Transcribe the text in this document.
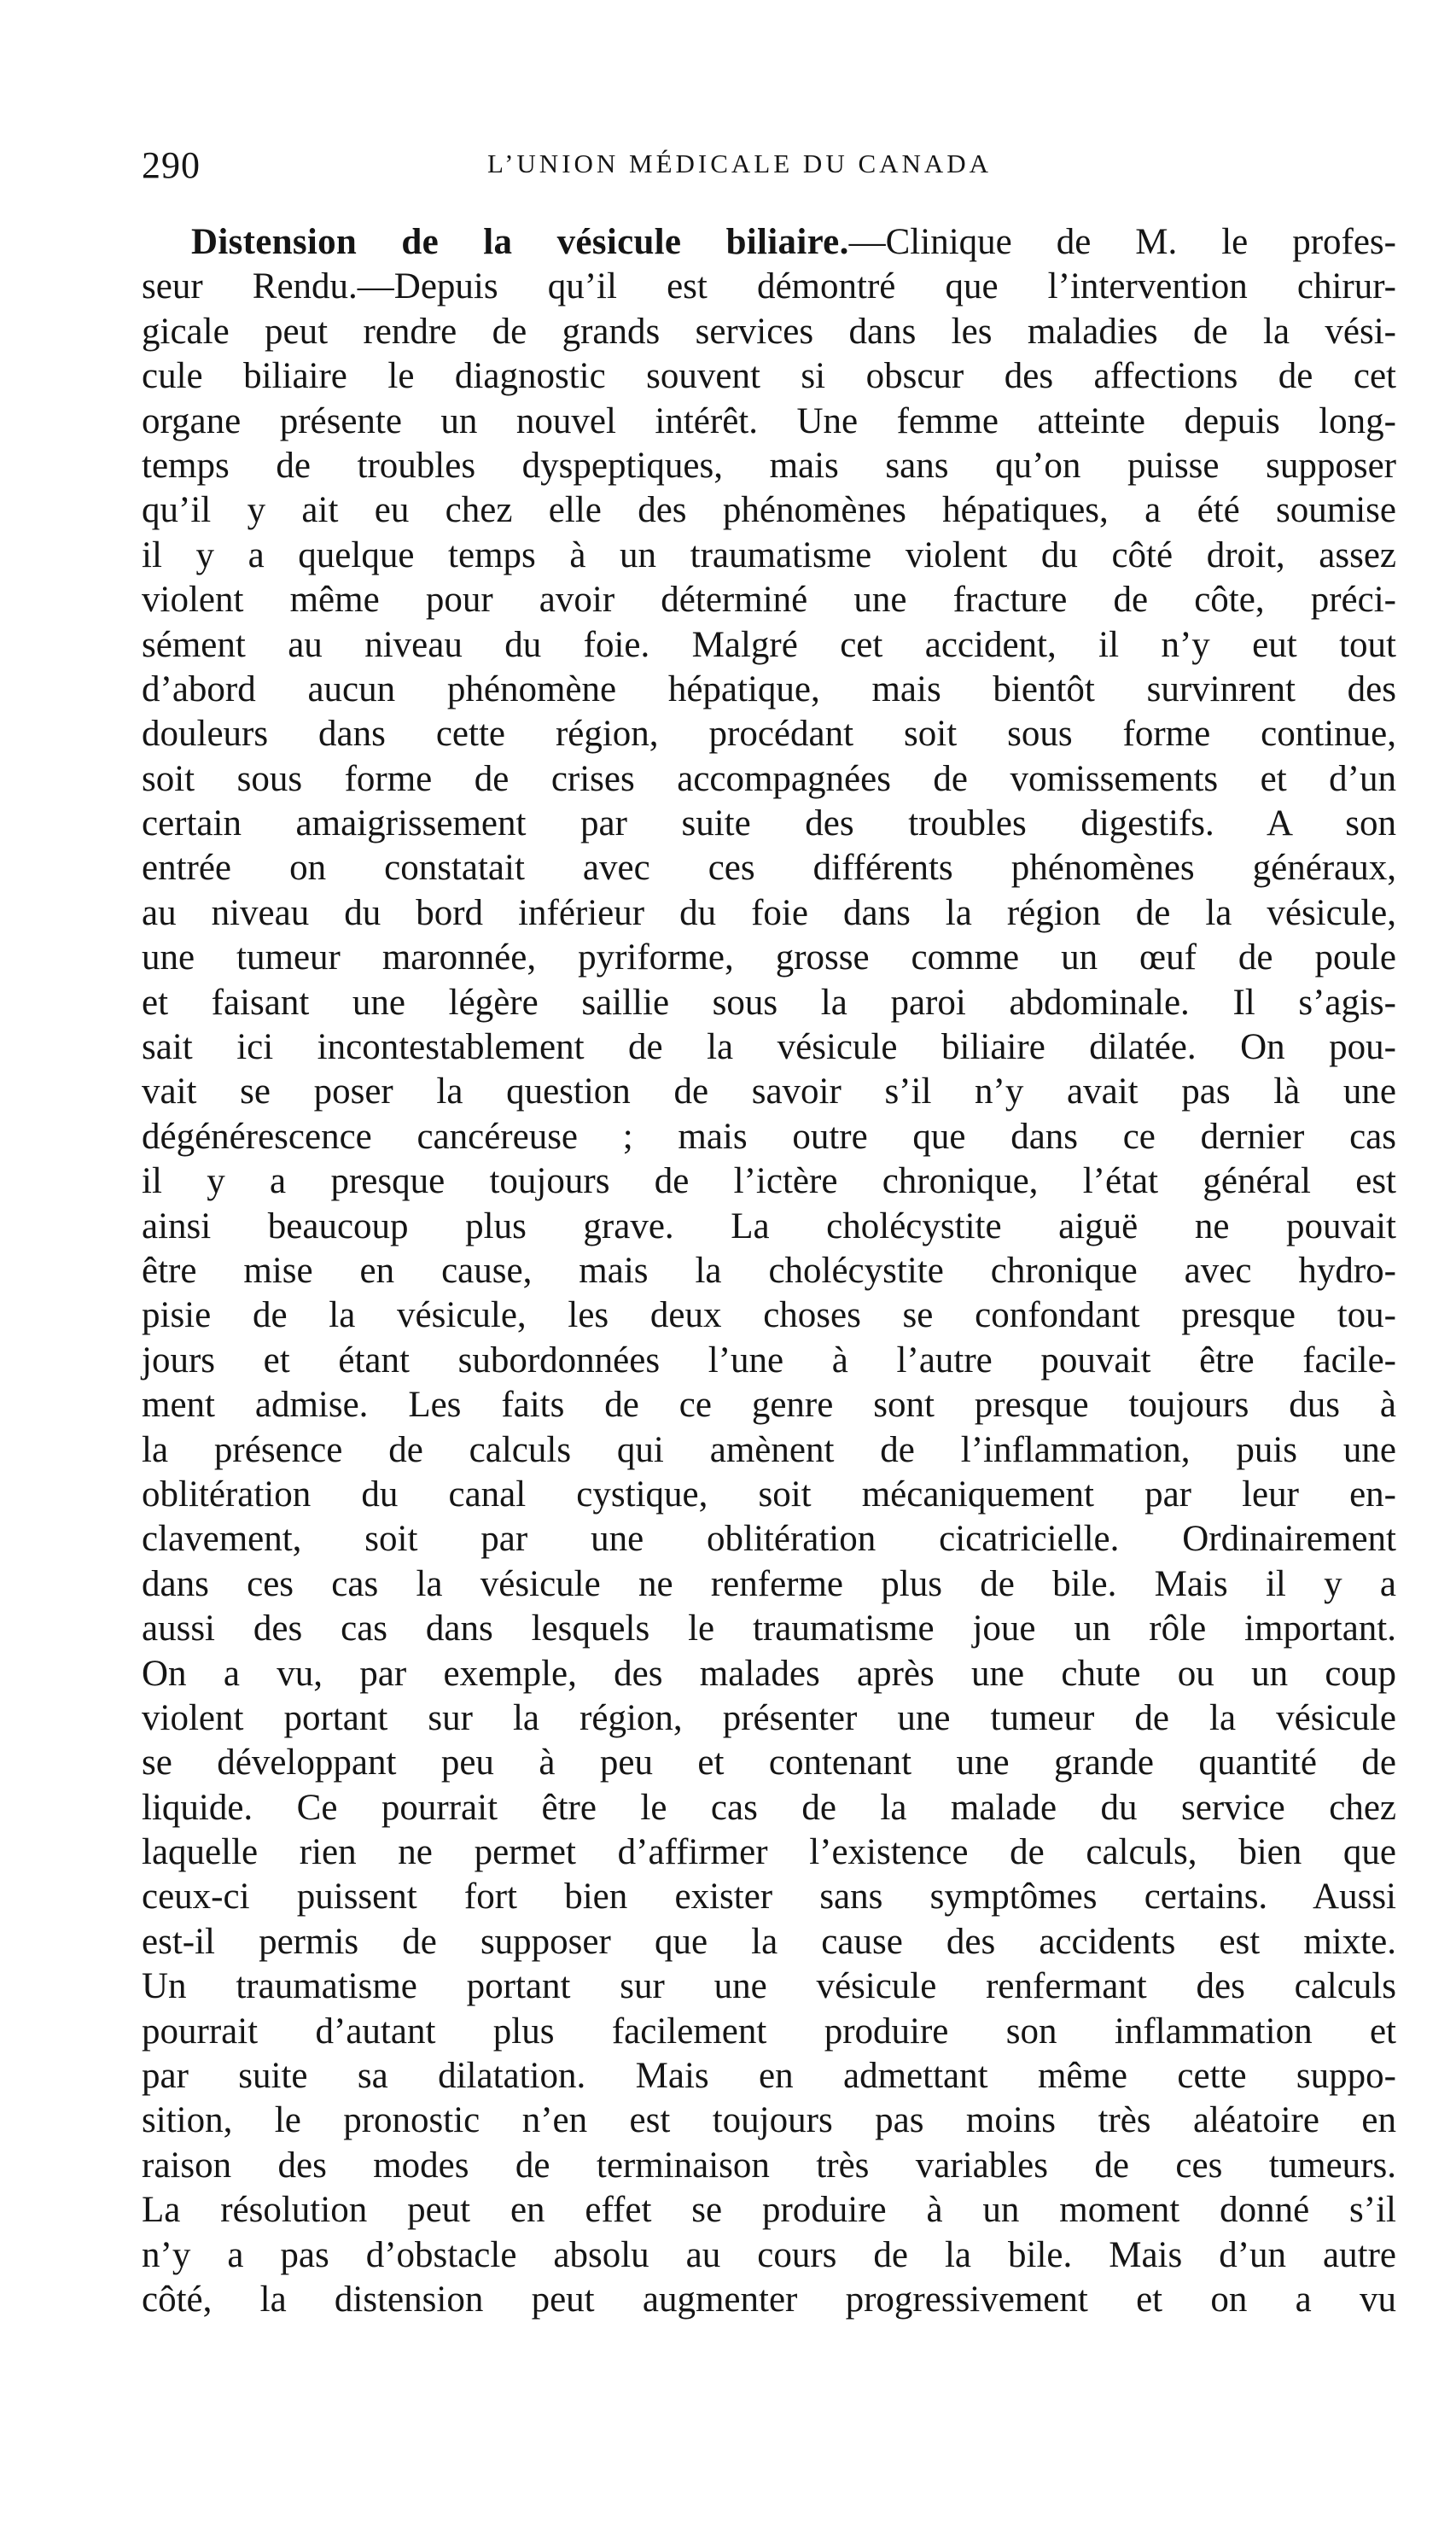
290	L’UNION MÉDICALE DU CANADA
Distension de la vésicule biliaire.—Clinique de M. le profes-
seur Rendu.—Depuis qu’il est démontré que l’intervention chirur-
gicale peut rendre de grands services dans les maladies de la vési-
cule biliaire le diagnostic souvent si obscur des affections de cet
organe présente un nouvel intérêt. Une femme atteinte depuis long-
temps de troubles dyspeptiques, mais sans qu’on puisse supposer
qu’il y ait eu chez elle des phénomènes hépatiques, a été soumise
il y a quelque temps à un traumatisme violent du côté droit, assez
violent même pour avoir déterminé une fracture de côte, préci-
sément au niveau du foie. Malgré cet accident, il n’y eut tout
d’abord aucun phénomène hépatique, mais bientôt survinrent des
douleurs dans cette région, procédant soit sous forme continue,
soit sous forme de crises accompagnées de vomissements et d’un
certain amaigrissement par suite des troubles digestifs. A son
entrée on constatait avec ces différents phénomènes généraux,
au niveau du bord inférieur du foie dans la région de la vésicule,
une tumeur maronnée, pyriforme, grosse comme un œuf de poule
et faisant une légère saillie sous la paroi abdominale. Il s’agis-
sait ici incontestablement de la vésicule biliaire dilatée. On pou-
vait se poser la question de savoir s’il n’y avait pas là une
dégénérescence cancéreuse ; mais outre que dans ce dernier cas
il y a presque toujours de l’ictère chronique, l’état général est
ainsi beaucoup plus grave. La cholécystite aiguë ne pouvait
être mise en cause, mais la cholécystite chronique avec hydro-
pisie de la vésicule, les deux choses se confondant presque tou-
jours et étant subordonnées l’une à l’autre pouvait être facile-
ment admise. Les faits de ce genre sont presque toujours dus à
la présence de calculs qui amènent de l’inflammation, puis une
oblitération du canal cystique, soit mécaniquement par leur en-
clavement, soit par une oblitération cicatricielle. Ordinairement
dans ces cas la vésicule ne renferme plus de bile. Mais il y a
aussi des cas dans lesquels le traumatisme joue un rôle important.
On a vu, par exemple, des malades après une chute ou un coup
violent portant sur la région, présenter une tumeur de la vésicule
se développant peu à peu et contenant une grande quantité de
liquide. Ce pourrait être le cas de la malade du service chez
laquelle rien ne permet d’affirmer l’existence de calculs, bien que
ceux-ci puissent fort bien exister sans symptômes certains. Aussi
est-il permis de supposer que la cause des accidents est mixte.
Un traumatisme portant sur une vésicule renfermant des calculs
pourrait d’autant plus facilement produire son inflammation et
par suite sa dilatation. Mais en admettant même cette suppo-
sition, le pronostic n’en est toujours pas moins très aléatoire en
raison des modes de terminaison très variables de ces tumeurs.
La résolution peut en effet se produire à un moment donné s’il
n’y a pas d’obstacle absolu au cours de la bile. Mais d’un autre
côté, la distension peut augmenter progressivement et on a vu
